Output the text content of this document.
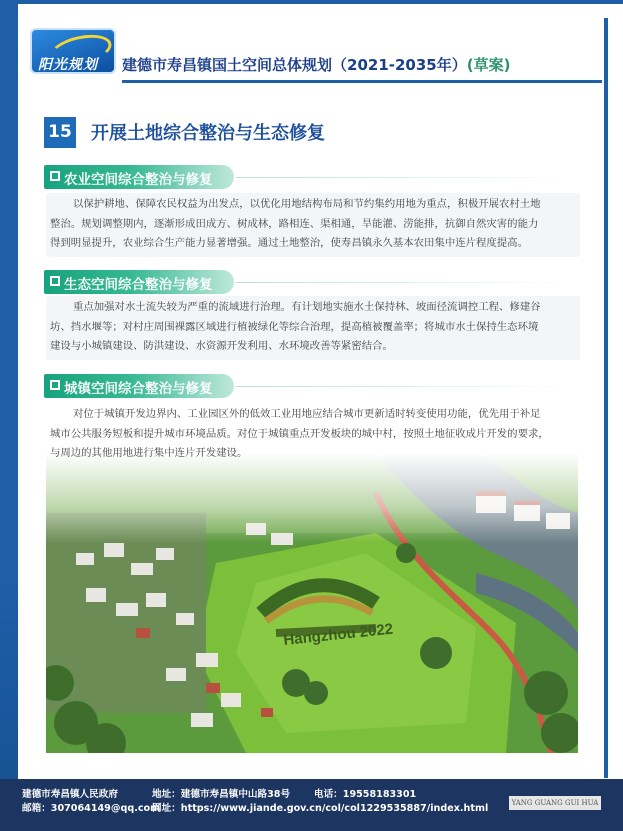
阳光规划 建德市寿昌镇国土空间总体规划（2021-2035年）(草案)
15 开展土地综合整治与生态修复
农业空间综合整治与修复
以保护耕地、保障农民权益为出发点，以优化用地结构布局和节约集约用地为重点，积极开展农村土地
整治。规划调整期内，逐渐形成田成方、树成林，路相连、渠相通，旱能灌、涝能排，抗御自然灾害的能力
得到明显提升，农业综合生产能力显著增强。通过土地整治，使寿昌镇永久基本农田集中连片程度提高。
生态空间综合整治与修复
重点加强对水土流失较为严重的流域进行治理。有计划地实施水土保持林、坡面径流调控工程、修建谷
坊、挡水堰等；对村庄周围裸露区域进行植被绿化等综合治理，提高植被覆盖率；将城市水土保持生态环境
建设与小城镇建设、防洪建设、水资源开发利用、水环境改善等紧密结合。
城镇空间综合整治与修复
对位于城镇开发边界内、工业园区外的低效工业用地应结合城市更新适时转变使用功能，优先用于补足
城市公共服务短板和提升城市环境品质。对位于城镇重点开发板块的城中村，按照土地征收成片开发的要求，
与周边的其他用地进行集中连片开发建设。
建德市寿昌镇人民政府	地址：建德市寿昌镇中山路38号 电话：19558183301
邮箱：307064149@qq.com
网址：https://www.jiande.gov.cn/col/col1229535887/index.html	YANG GUANG GUI HUA
